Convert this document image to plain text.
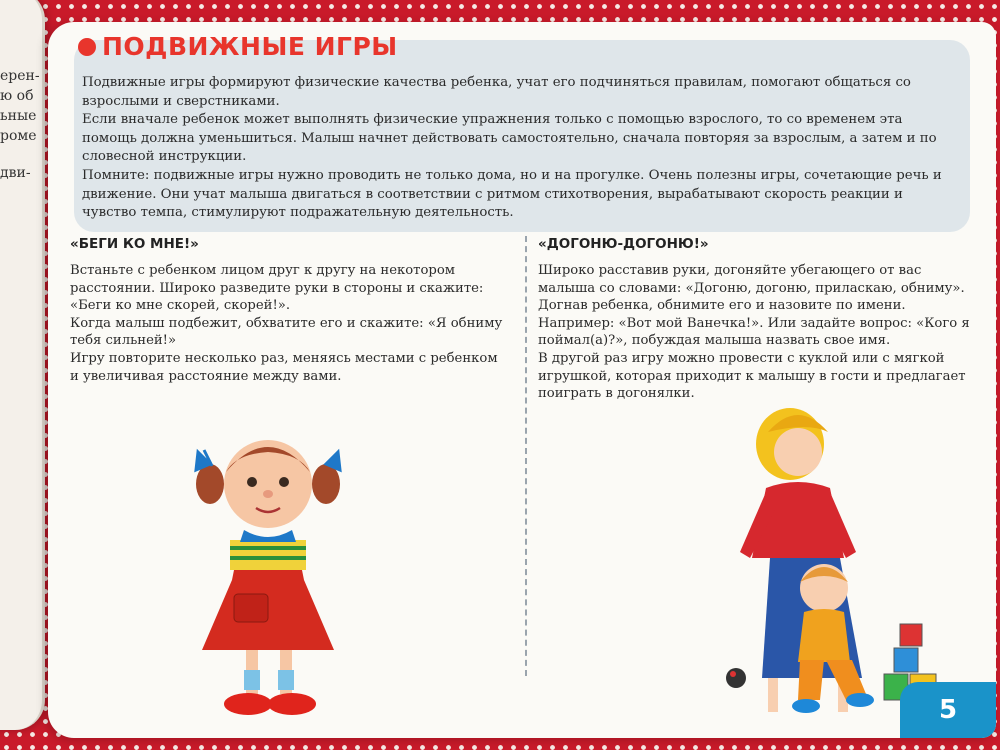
ерен-
ю об
ьные
роме
дви-
ПОДВИЖНЫЕ ИГРЫ

Подвижные игры формируют физические качества ребенка, учат его подчиняться правилам, помогают общаться со взрослыми и сверстниками.

Если вначале ребенок может выполнять физические упражнения только с помощью взрослого, то со временем эта помощь должна уменьшиться. Малыш начнет действовать самостоятельно, сначала повторяя за взрослым, а затем и по словесной инструкции.

Помните: подвижные игры нужно проводить не только дома, но и на прогулке. Очень полезны игры, сочетающие речь и движение. Они учат малыша двигаться в соответствии с ритмом стихотворения, вырабатывают скорость реакции и чувство темпа, стимулируют подражательную деятельность.

«БЕГИ КО МНЕ!»

Встаньте с ребенком лицом друг к другу на некотором расстоянии. Широко разведите руки в стороны и скажите: «Беги ко мне скорей, скорей!».

Когда малыш подбежит, обхватите его и скажите: «Я обниму тебя сильней!»

Игру повторите несколько раз, меняясь местами с ребенком и увеличивая расстояние между вами.

«ДОГОНЮ-ДОГОНЮ!»

Широко расставив руки, догоняйте убегающего от вас малыша со словами: «Догоню, догоню, приласкаю, обниму». Догнав ребенка, обнимите его и назовите по имени. Например: «Вот мой Ванечка!». Или задайте вопрос: «Кого я поймал(а)?», побуждая малыша назвать свое имя.

В другой раз игру можно провести с куклой или с мягкой игрушкой, которая приходит к малышу в гости и предлагает поиграть в догонялки.

5
